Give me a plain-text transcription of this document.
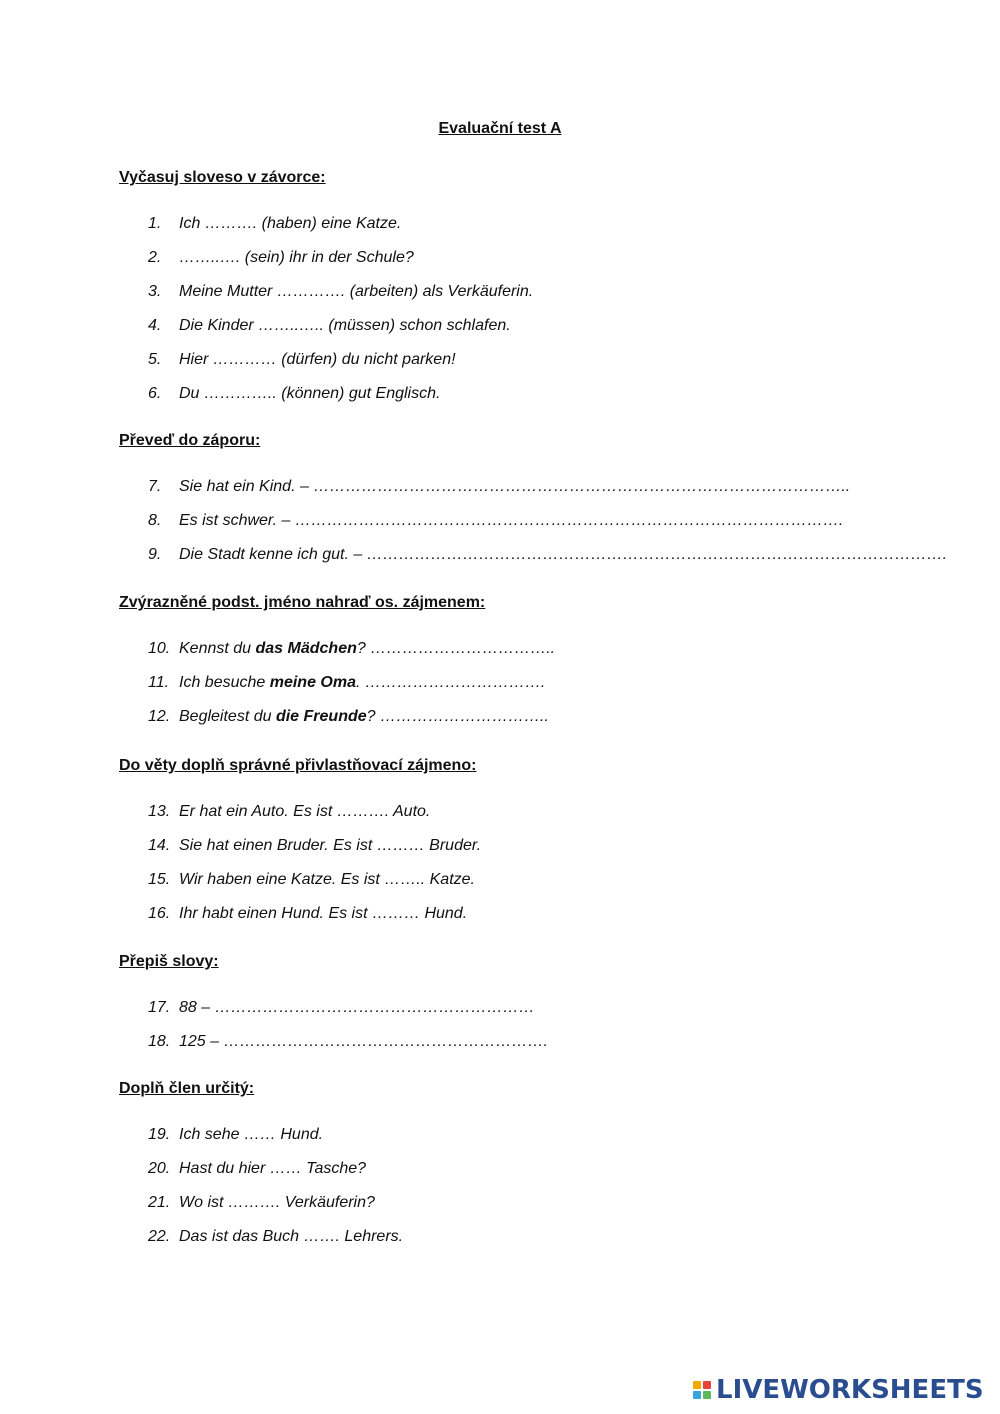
Evaluační test A
Vyčasuj sloveso v závorce:
1. Ich ………. (haben) eine Katze.
2. ……..…. (sein) ihr in der Schule?
3. Meine Mutter …………. (arbeiten) als Verkäuferin.
4. Die Kinder ……..….. (müssen) schon schlafen.
5. Hier ………… (dürfen) du nicht parken!
6. Du ………….. (können) gut Englisch.
Převeď do záporu:
7. Sie hat ein Kind. – ………………………………………………………………………………………..
8. Es ist schwer. – ………………………………………………………………………………………….
9. Die Stadt kenne ich gut. – ……………………………………………………………………………………………….
Zvýrazněné podst. jméno nahraď os. zájmenem:
10. Kennst du das Mädchen? ……………………………..
11. Ich besuche meine Oma. …………………………….
12. Begleitest du die Freunde? …………………………..
Do věty doplň správné přivlastňovací zájmeno:
13. Er hat ein Auto. Es ist ………. Auto.
14. Sie hat einen Bruder. Es ist ……… Bruder.
15. Wir haben eine Katze. Es ist …….. Katze.
16. Ihr habt einen Hund. Es ist ……… Hund.
Přepiš slovy:
17. 88 – ……………………………………………………
18. 125 – …………………………………………………….
Doplň člen určitý:
19. Ich sehe …… Hund.
20. Hast du hier …… Tasche?
21. Wo ist ………. Verkäuferin?
22. Das ist das Buch ……. Lehrers.
LIVEWORKSHEETS
